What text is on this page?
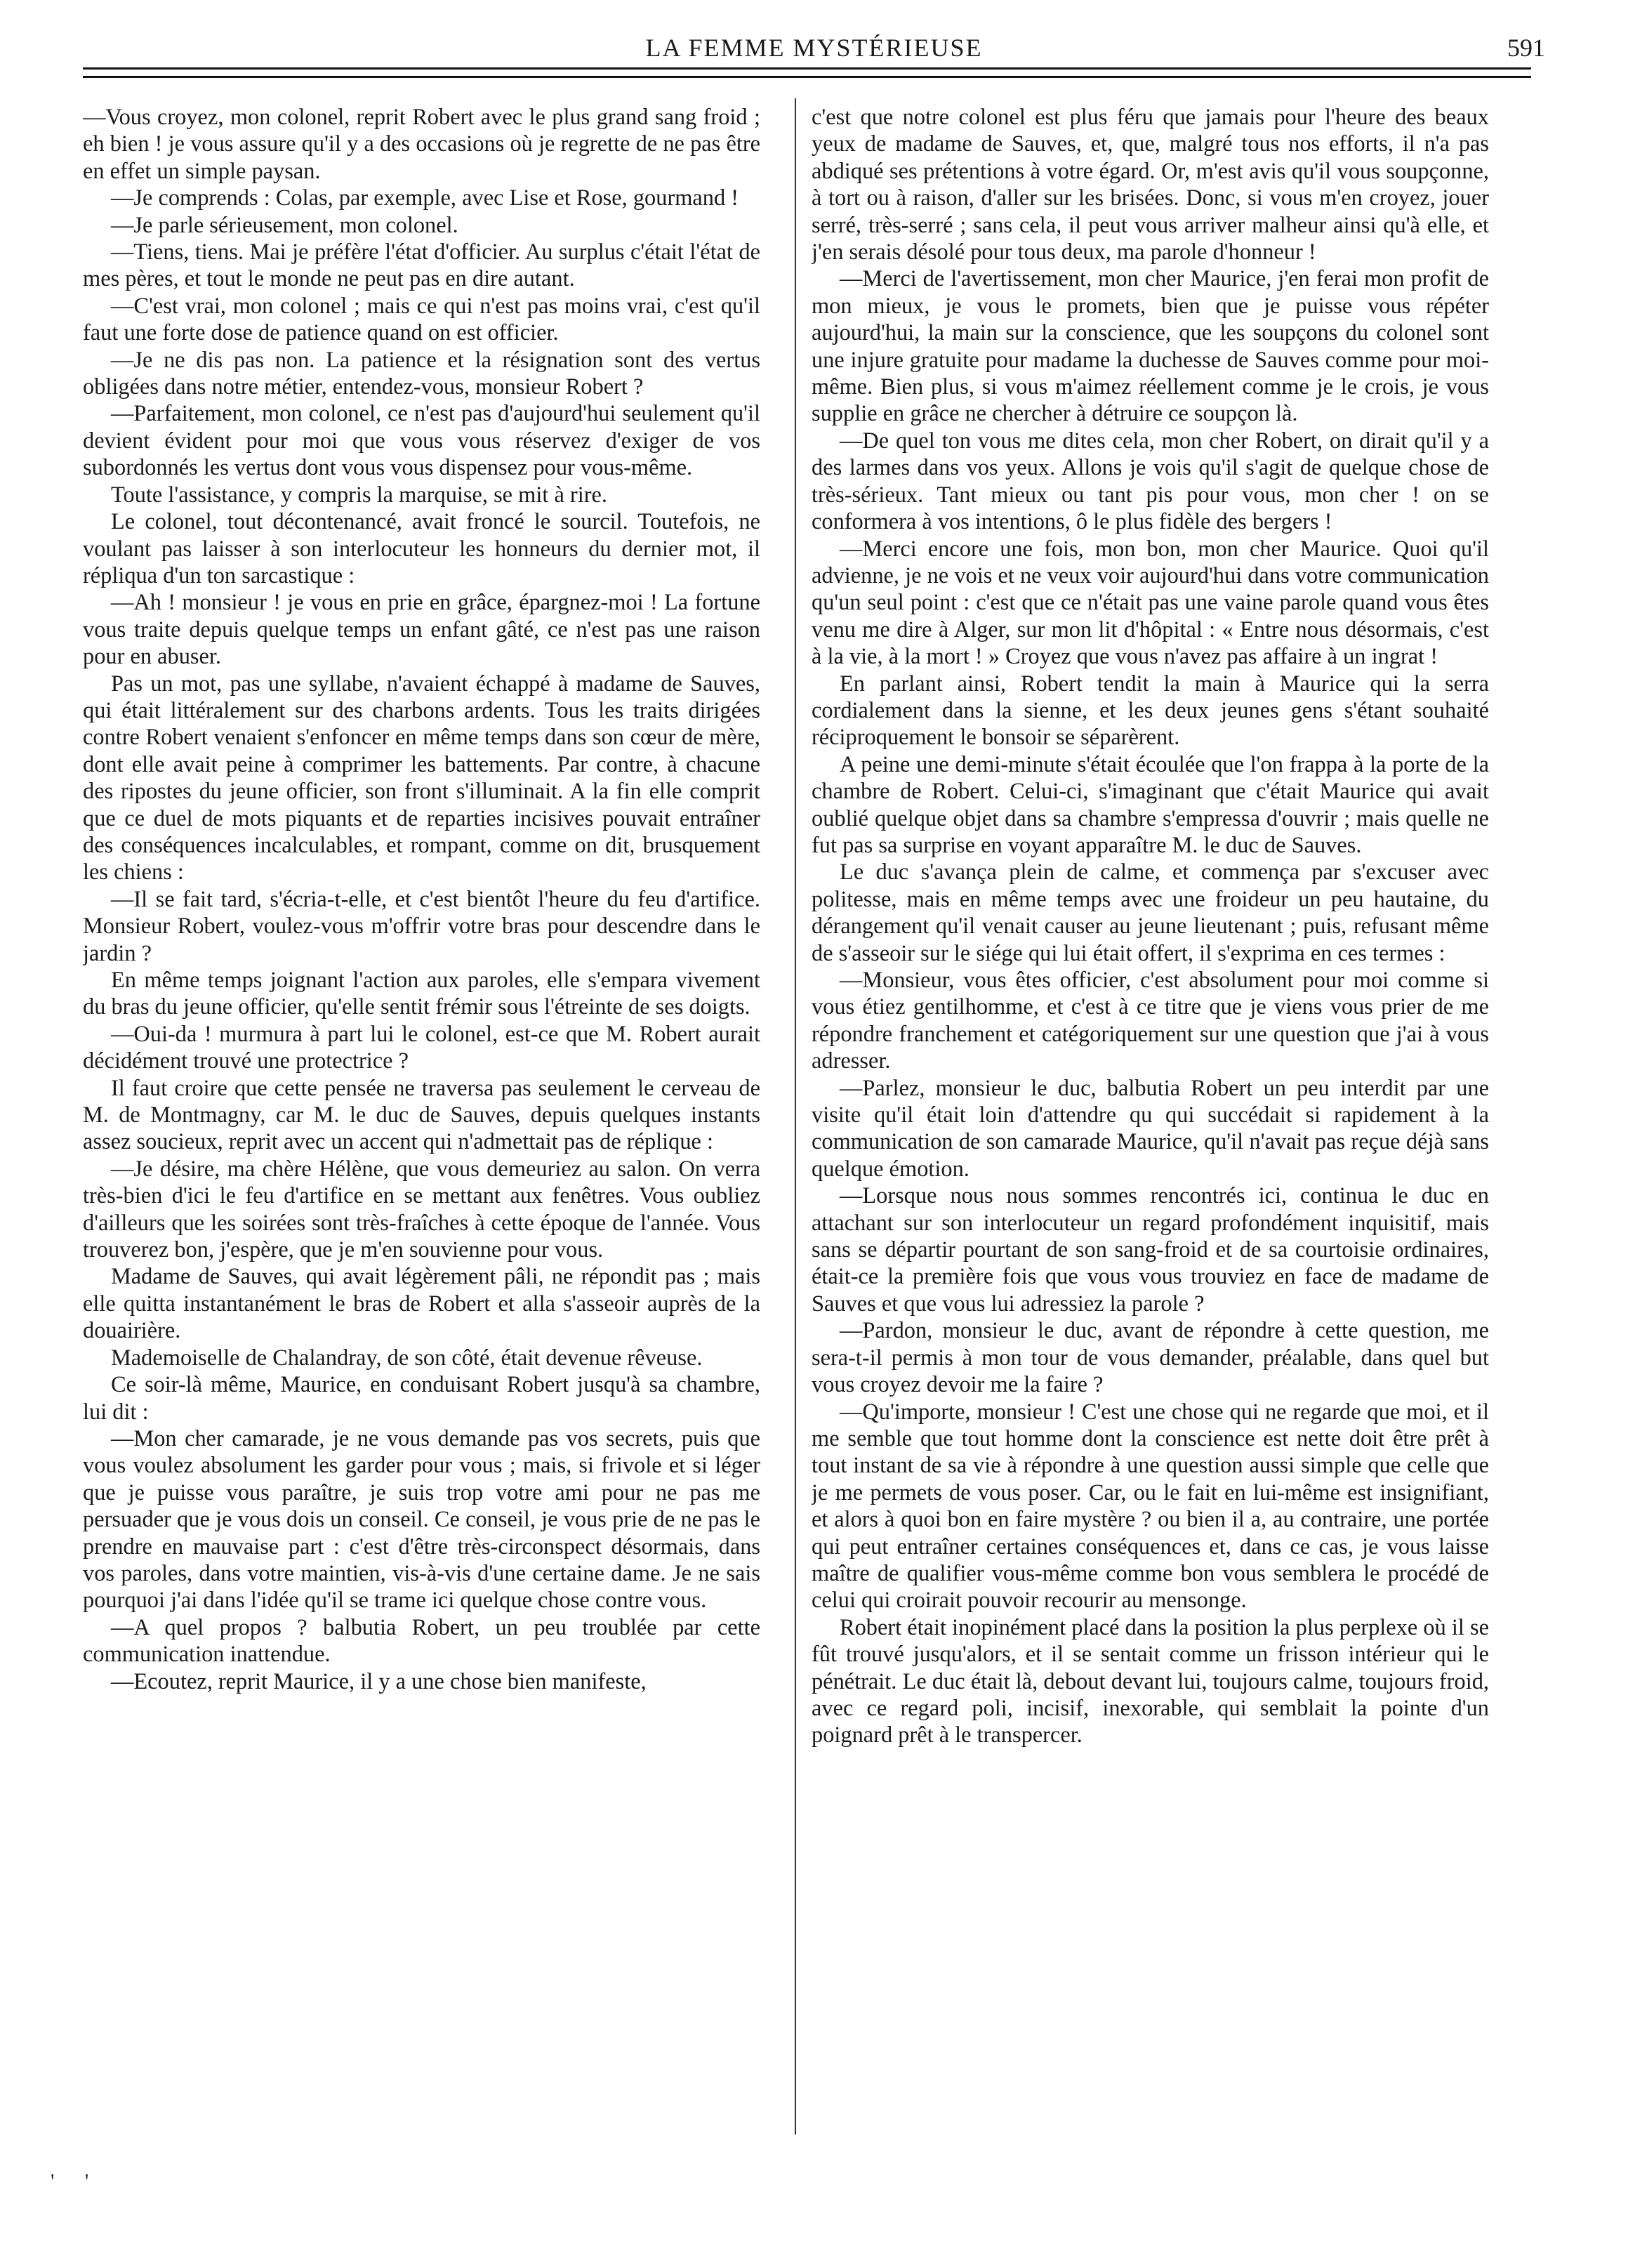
LA FEMME MYSTÉRIEUSE	591

—Vous croyez, mon colonel, reprit Robert avec le plus grand sang froid ; eh bien ! je vous assure qu'il y a des occasions où je regrette de ne pas être en effet un simple paysan.

—Je comprends : Colas, par exemple, avec Lise et Rose, gourmand !

—Je parle sérieusement, mon colonel.

—Tiens, tiens. Mai je préfère l'état d'officier. Au surplus c'était l'état de mes pères, et tout le monde ne peut pas en dire autant.

—C'est vrai, mon colonel ; mais ce qui n'est pas moins vrai, c'est qu'il faut une forte dose de patience quand on est officier.

—Je ne dis pas non. La patience et la résignation sont des vertus obligées dans notre métier, entendez-vous, monsieur Robert ?

—Parfaitement, mon colonel, ce n'est pas d'aujourd'hui seulement qu'il devient évident pour moi que vous vous réservez d'exiger de vos subordonnés les vertus dont vous vous dispensez pour vous-même.

Toute l'assistance, y compris la marquise, se mit à rire.

Le colonel, tout décontenancé, avait froncé le sourcil. Toutefois, ne voulant pas laisser à son interlocuteur les honneurs du dernier mot, il répliqua d'un ton sarcastique :

—Ah ! monsieur ! je vous en prie en grâce, épargnez-moi ! La fortune vous traite depuis quelque temps un enfant gâté, ce n'est pas une raison pour en abuser.

Pas un mot, pas une syllabe, n'avaient échappé à madame de Sauves, qui était littéralement sur des charbons ardents. Tous les traits dirigées contre Robert venaient s'enfoncer en même temps dans son cœur de mère, dont elle avait peine à comprimer les battements. Par contre, à chacune des ripostes du jeune officier, son front s'illuminait. A la fin elle comprit que ce duel de mots piquants et de reparties incisives pouvait entraîner des conséquences incalculables, et rompant, comme on dit, brusquement les chiens :

—Il se fait tard, s'écria-t-elle, et c'est bientôt l'heure du feu d'artifice. Monsieur Robert, voulez-vous m'offrir votre bras pour descendre dans le jardin ?

En même temps joignant l'action aux paroles, elle s'empara vivement du bras du jeune officier, qu'elle sentit frémir sous l'étreinte de ses doigts.

—Oui-da ! murmura à part lui le colonel, est-ce que M. Robert aurait décidément trouvé une protectrice ?

Il faut croire que cette pensée ne traversa pas seulement le cerveau de M. de Montmagny, car M. le duc de Sauves, depuis quelques instants assez soucieux, reprit avec un accent qui n'admettait pas de réplique :

—Je désire, ma chère Hélène, que vous demeuriez au salon. On verra très-bien d'ici le feu d'artifice en se mettant aux fenêtres. Vous oubliez d'ailleurs que les soirées sont très-fraîches à cette époque de l'année. Vous trouverez bon, j'espère, que je m'en souvienne pour vous.

Madame de Sauves, qui avait légèrement pâli, ne répondit pas ; mais elle quitta instantanément le bras de Robert et alla s'asseoir auprès de la douairière.

Mademoiselle de Chalandray, de son côté, était devenue rêveuse.

Ce soir-là même, Maurice, en conduisant Robert jusqu'à sa chambre, lui dit :

—Mon cher camarade, je ne vous demande pas vos secrets, puis que vous voulez absolument les garder pour vous ; mais, si frivole et si léger que je puisse vous paraître, je suis trop votre ami pour ne pas me persuader que je vous dois un conseil. Ce conseil, je vous prie de ne pas le prendre en mauvaise part : c'est d'être très-circonspect désormais, dans vos paroles, dans votre maintien, vis-à-vis d'une certaine dame. Je ne sais pourquoi j'ai dans l'idée qu'il se trame ici quelque chose contre vous.

—A quel propos ? balbutia Robert, un peu troublée par cette communication inattendue.

—Ecoutez, reprit Maurice, il y a une chose bien manifeste,

c'est que notre colonel est plus féru que jamais pour l'heure des beaux yeux de madame de Sauves, et, que, malgré tous nos efforts, il n'a pas abdiqué ses prétentions à votre égard. Or, m'est avis qu'il vous soupçonne, à tort ou à raison, d'aller sur les brisées. Donc, si vous m'en croyez, jouer serré, très-serré ; sans cela, il peut vous arriver malheur ainsi qu'à elle, et j'en serais désolé pour tous deux, ma parole d'honneur !

—Merci de l'avertissement, mon cher Maurice, j'en ferai mon profit de mon mieux, je vous le promets, bien que je puisse vous répéter aujourd'hui, la main sur la conscience, que les soupçons du colonel sont une injure gratuite pour madame la duchesse de Sauves comme pour moi-même. Bien plus, si vous m'aimez réellement comme je le crois, je vous supplie en grâce ne chercher à détruire ce soupçon là.

—De quel ton vous me dites cela, mon cher Robert, on dirait qu'il y a des larmes dans vos yeux. Allons je vois qu'il s'agit de quelque chose de très-sérieux. Tant mieux ou tant pis pour vous, mon cher ! on se conformera à vos intentions, ô le plus fidèle des bergers !

—Merci encore une fois, mon bon, mon cher Maurice. Quoi qu'il advienne, je ne vois et ne veux voir aujourd'hui dans votre communication qu'un seul point : c'est que ce n'était pas une vaine parole quand vous êtes venu me dire à Alger, sur mon lit d'hôpital : « Entre nous désormais, c'est à la vie, à la mort ! » Croyez que vous n'avez pas affaire à un ingrat !

En parlant ainsi, Robert tendit la main à Maurice qui la serra cordialement dans la sienne, et les deux jeunes gens s'étant souhaité réciproquement le bonsoir se séparèrent.

A peine une demi-minute s'était écoulée que l'on frappa à la porte de la chambre de Robert. Celui-ci, s'imaginant que c'était Maurice qui avait oublié quelque objet dans sa chambre s'empressa d'ouvrir ; mais quelle ne fut pas sa surprise en voyant apparaître M. le duc de Sauves.

Le duc s'avança plein de calme, et commença par s'excuser avec politesse, mais en même temps avec une froideur un peu hautaine, du dérangement qu'il venait causer au jeune lieutenant ; puis, refusant même de s'asseoir sur le siége qui lui était offert, il s'exprima en ces termes :

—Monsieur, vous êtes officier, c'est absolument pour moi comme si vous étiez gentilhomme, et c'est à ce titre que je viens vous prier de me répondre franchement et catégoriquement sur une question que j'ai à vous adresser.

—Parlez, monsieur le duc, balbutia Robert un peu interdit par une visite qu'il était loin d'attendre qu qui succédait si rapidement à la communication de son camarade Maurice, qu'il n'avait pas reçue déjà sans quelque émotion.

—Lorsque nous nous sommes rencontrés ici, continua le duc en attachant sur son interlocuteur un regard profondément inquisitif, mais sans se départir pourtant de son sang-froid et de sa courtoisie ordinaires, était-ce la première fois que vous vous trouviez en face de madame de Sauves et que vous lui adressiez la parole ?

—Pardon, monsieur le duc, avant de répondre à cette question, me sera-t-il permis à mon tour de vous demander, préalable, dans quel but vous croyez devoir me la faire ?

—Qu'importe, monsieur ! C'est une chose qui ne regarde que moi, et il me semble que tout homme dont la conscience est nette doit être prêt à tout instant de sa vie à répondre à une question aussi simple que celle que je me permets de vous poser. Car, ou le fait en lui-même est insignifiant, et alors à quoi bon en faire mystère ? ou bien il a, au contraire, une portée qui peut entraîner certaines conséquences et, dans ce cas, je vous laisse maître de qualifier vous-même comme bon vous semblera le procédé de celui qui croirait pouvoir recourir au mensonge.

Robert était inopinément placé dans la position la plus perplexe où il se fût trouvé jusqu'alors, et il se sentait comme un frisson intérieur qui le pénétrait. Le duc était là, debout devant lui, toujours calme, toujours froid, avec ce regard poli, incisif, inexorable, qui semblait la pointe d'un poignard prêt à le transpercer.

' '
